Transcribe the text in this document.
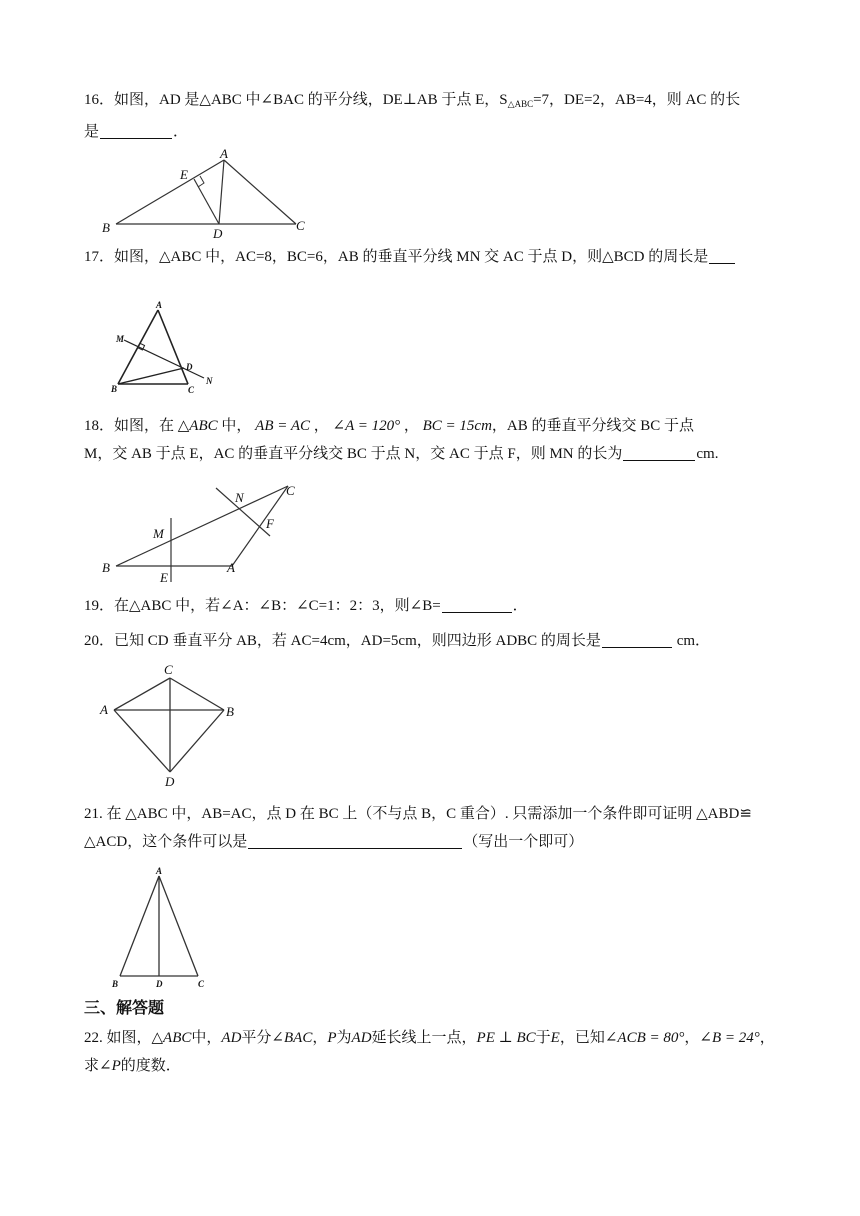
16．如图，AD 是△ABC 中∠BAC 的平分线，DE⊥AB 于点 E，$S_{\triangle ABC}=7$，DE=2，AB=4，则 AC 的长
是	．
A
E
B	D
C
17．如图，△ABC 中，AC=8，BC=6，AB 的垂直平分线 MN 交 AC 于点 D，则△BCD 的周长是
A
M
D
N
B	C
18．如图，在 △ABC 中， AB = AC ， ∠A = 120° ， BC = 15cm，AB 的垂直平分线交 BC 于点
M，交 AB 于点 E，AC 的垂直平分线交 BC 于点 N，交 AC 于点 F，则 MN 的长为	cm.
C
N
F
M
B	A
E
19．在△ABC 中，若∠A：∠B：∠C=1：2：3，则∠B=	．
20．已知 CD 垂直平分 AB，若 AC=4cm，AD=5cm，则四边形 ADBC 的周长是	cm．
C
A	B
D
21. 在 △ABC 中，AB=AC，点 D 在 BC 上（不与点 B，C 重合）. 只需添加一个条件即可证明 △ABD≌
△ACD，这个条件可以是	（写出一个即可）
A
B	D	C
三、解答题
22. 如图，△ABC中，AD平分∠BAC，P为AD延长线上一点，PE ⊥ BC于E，已知∠ACB = 80°，∠B = 24°，
求∠P的度数．
